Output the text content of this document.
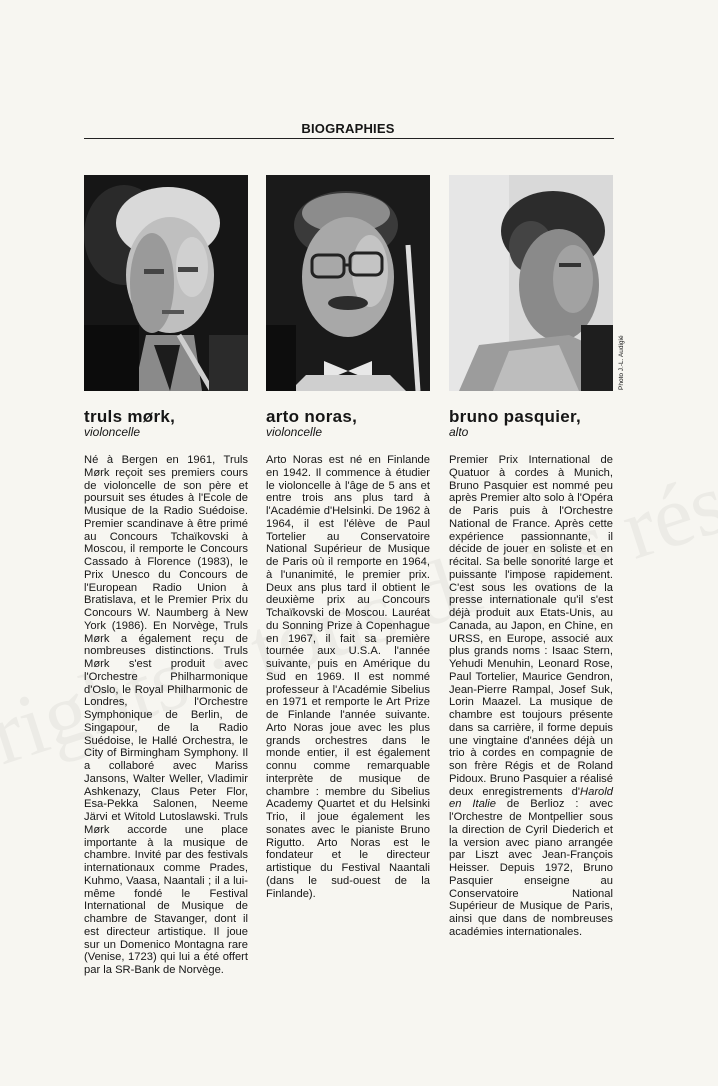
BIOGRAPHIES
truls mørk,
violoncelle
Né à Bergen en 1961, Truls Mørk reçoit ses premiers cours de violoncelle de son père et poursuit ses études à l'Ecole de Musique de la Radio Suédoise. Premier scandinave à être primé au Concours Tchaïkovski à Moscou, il remporte le Concours Cassado à Florence (1983), le Prix Unesco du Concours de l'European Radio Union à Bratislava, et le Premier Prix du Concours W. Naumberg à New York (1986). En Norvège, Truls Mørk a également reçu de nombreuses distinctions. Truls Mørk s'est produit avec l'Orchestre Philharmonique d'Oslo, le Royal Philharmonic de Londres, l'Orchestre Symphonique de Berlin, de Singapour, de la Radio Suédoise, le Hallé Orchestra, le City of Birmingham Symphony. Il a collaboré avec Mariss Jansons, Walter Weller, Vladimir Ashkenazy, Claus Peter Flor, Esa-Pekka Salonen, Neeme Järvi et Witold Lutoslawski. Truls Mørk accorde une place importante à la musique de chambre. Invité par des festivals internationaux comme Prades, Kuhmo, Vaasa, Naantali ; il a lui-même fondé le Festival International de Musique de chambre de Stavanger, dont il est directeur artistique. Il joue sur un Domenico Montagna rare (Venise, 1723) qui lui a été offert par la SR-Bank de Norvège.
arto noras,
violoncelle
Arto Noras est né en Finlande en 1942. Il commence à étudier le violoncelle à l'âge de 5 ans et entre trois ans plus tard à l'Académie d'Helsinki. De 1962 à 1964, il est l'élève de Paul Tortelier au Conservatoire National Supérieur de Musique de Paris où il remporte en 1964, à l'unanimité, le premier prix. Deux ans plus tard il obtient le deuxième prix au Concours Tchaïkovski de Moscou. Lauréat du Sonning Prize à Copenhague en 1967, il fait sa première tournée aux U.S.A. l'année suivante, puis en Amérique du Sud en 1969. Il est nommé professeur à l'Académie Sibelius en 1971 et remporte le Art Prize de Finlande l'année suivante. Arto Noras joue avec les plus grands orchestres dans le monde entier, il est également connu comme remarquable interprète de musique de chambre : membre du Sibelius Academy Quartet et du Helsinki Trio, il joue également les sonates avec le pianiste Bruno Rigutto. Arto Noras est le fondateur et le directeur artistique du Festival Naantali (dans le sud-ouest de la Finlande).
bruno pasquier,
alto
Premier Prix International de Quatuor à cordes à Munich, Bruno Pasquier est nommé peu après Premier alto solo à l'Opéra de Paris puis à l'Orchestre National de France. Après cette expérience passionnante, il décide de jouer en soliste et en récital. Sa belle sonorité large et puissante l'impose rapidement. C'est sous les ovations de la presse internationale qu'il s'est déjà produit aux Etats-Unis, au Canada, au Japon, en Chine, en URSS, en Europe, associé aux plus grands noms : Isaac Stern, Yehudi Menuhin, Leonard Rose, Paul Tortelier, Maurice Gendron, Jean-Pierre Rampal, Josef Suk, Lorin Maazel. La musique de chambre est toujours présente dans sa carrière, il forme depuis une vingtaine d'années déjà un trio à cordes en compagnie de son frère Régis et de Roland Pidoux. Bruno Pasquier a réalisé deux enregistrements d'Harold en Italie de Berlioz : avec l'Orchestre de Montpellier sous la direction de Cyril Diederich et la version avec piano arrangée par Liszt avec Jean-François Heisser. Depuis 1972, Bruno Pasquier enseigne au Conservatoire National Supérieur de Musique de Paris, ainsi que dans de nombreuses académies internationales.
Photo J.-L. Audigié
